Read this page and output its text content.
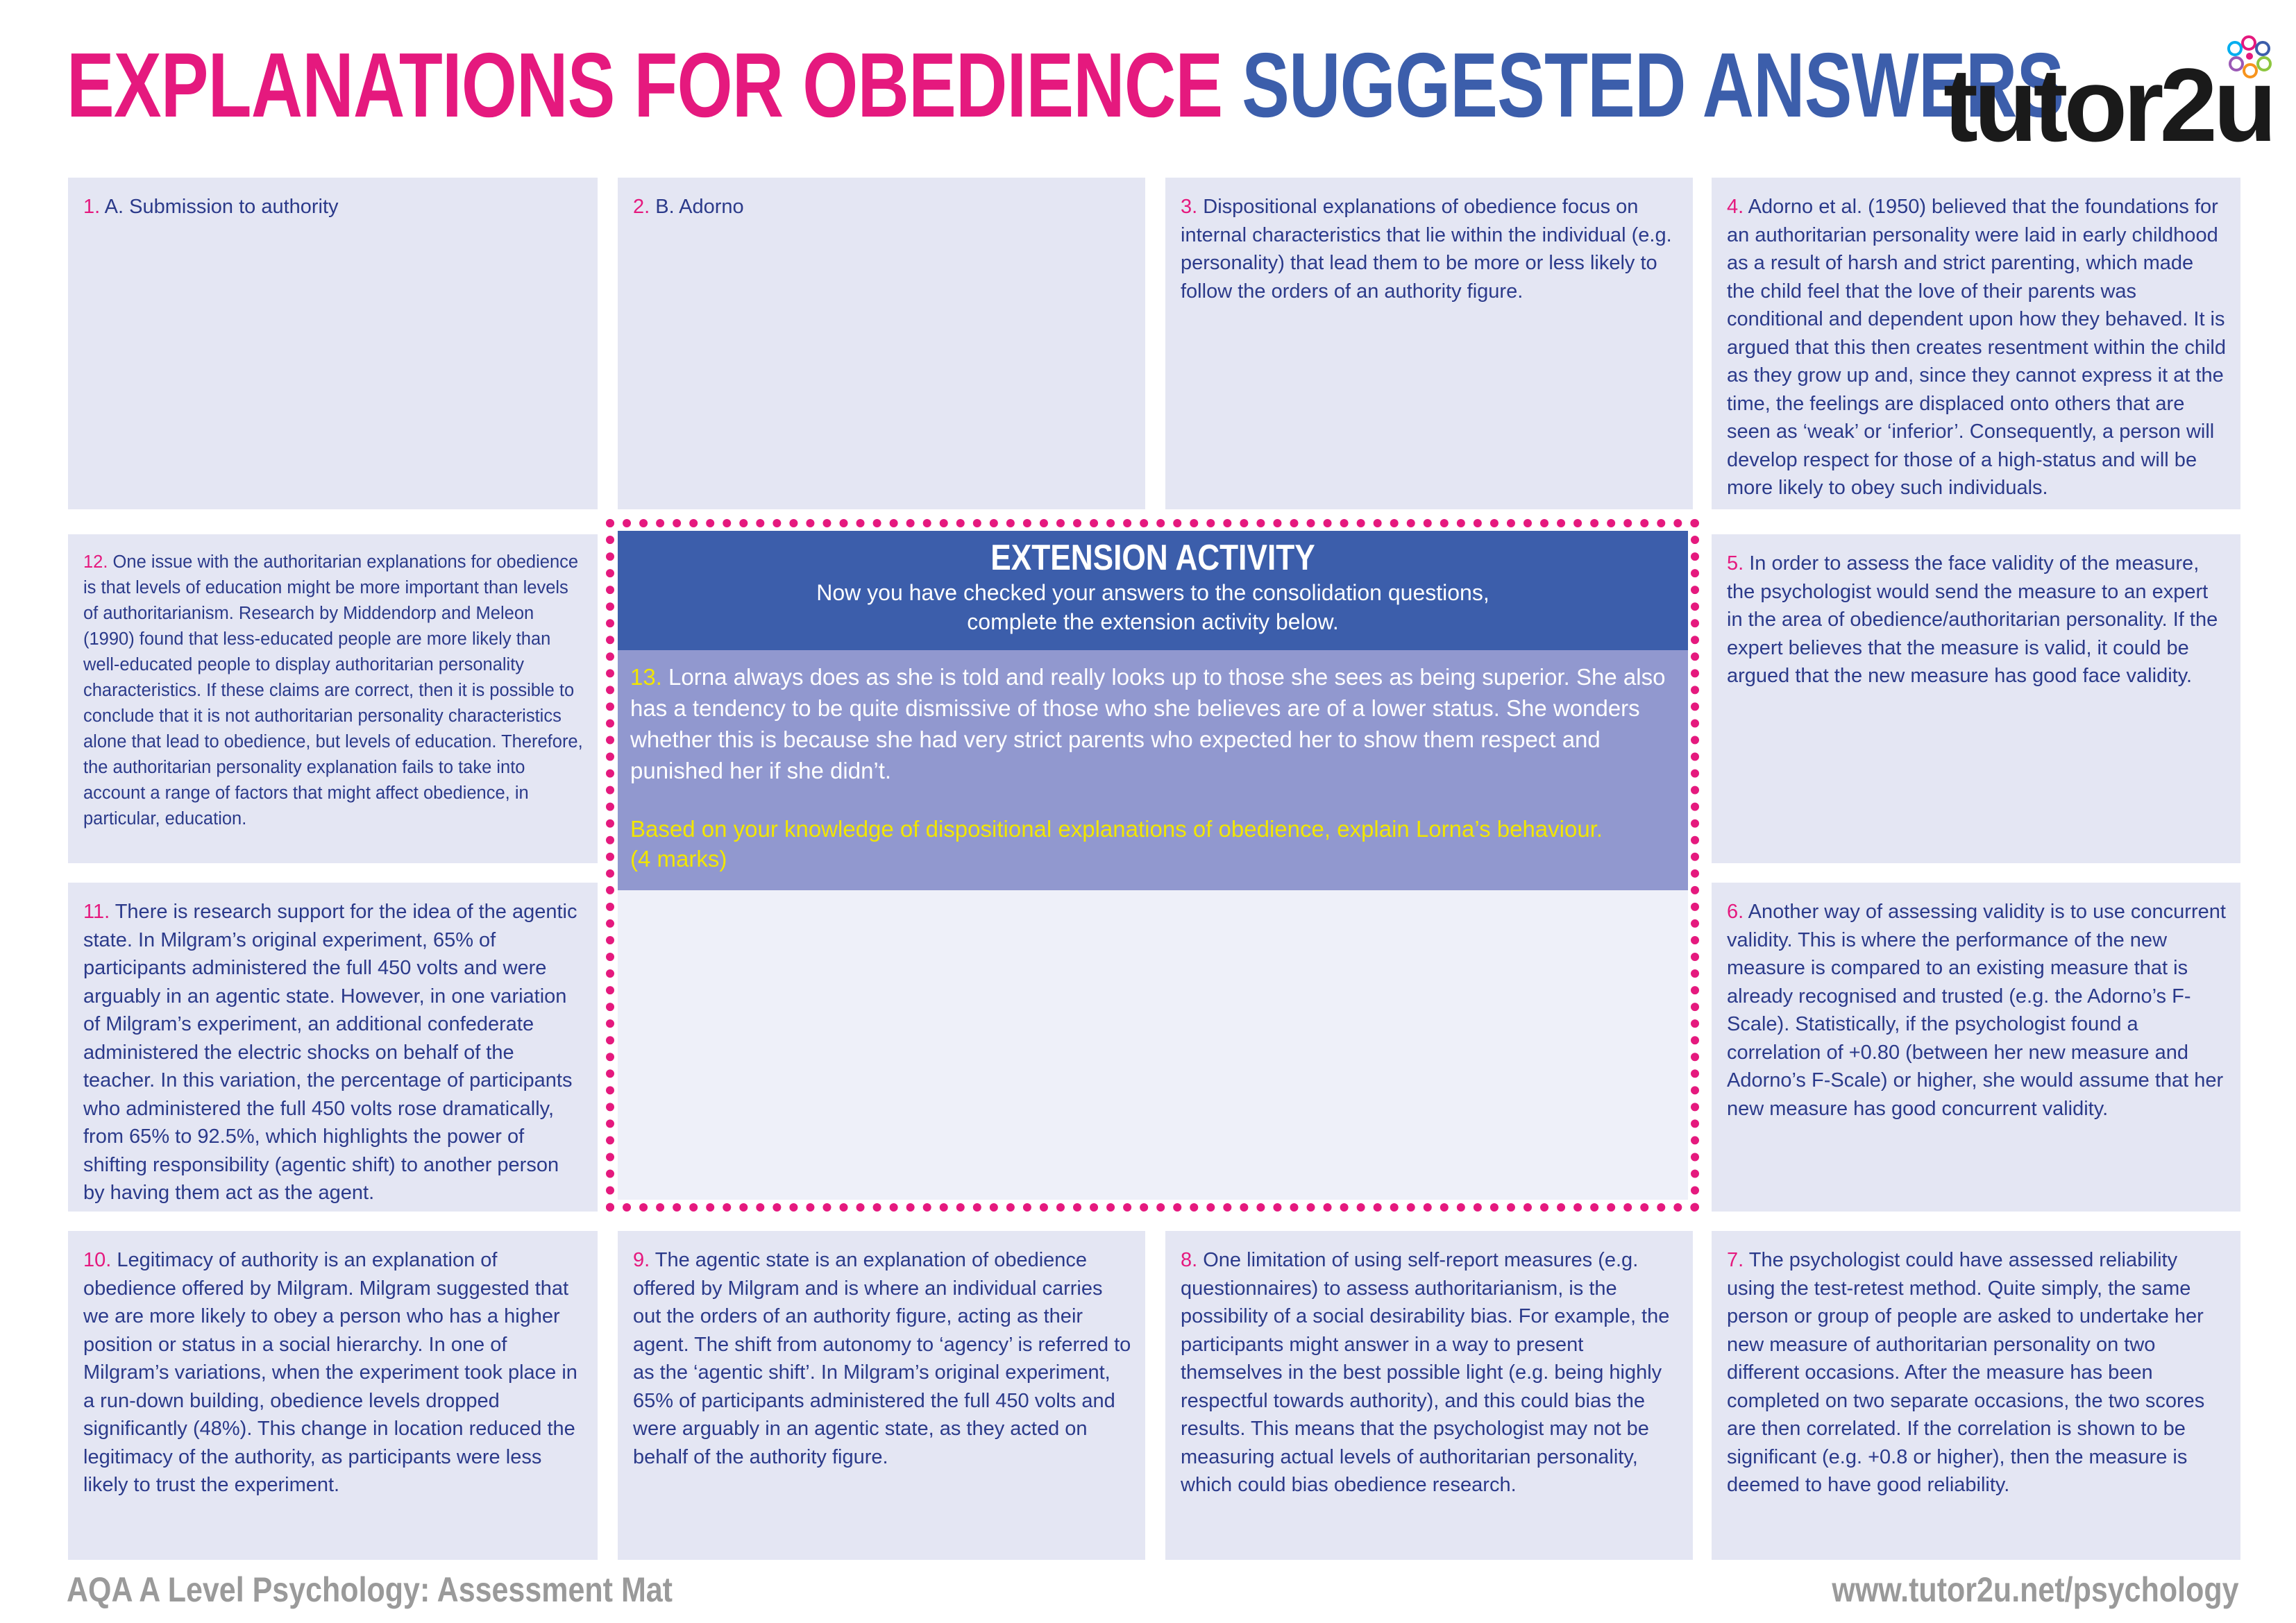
EXPLANATIONS FOR OBEDIENCE SUGGESTED ANSWERS
tutor2u
1. A. Submission to authority	2. B. Adorno	3. Dispositional explanations of obedience focus on internal characteristics that lie within the individual (e.g. personality) that lead them to be more or less likely to follow the orders of an authority figure.
4. Adorno et al. (1950) believed that the foundations for an authoritarian personality were laid in early childhood as a result of harsh and strict parenting, which made the child feel that the love of their parents was conditional and dependent upon how they behaved. It is argued that this then creates resentment within the child as they grow up and, since they cannot express it at the time, the feelings are displaced onto others that are seen as ‘weak’ or ‘inferior’. Consequently, a person will develop respect for those of a high-status and will be more likely to obey such individuals.
12. One issue with the authoritarian explanations for obedience is that levels of education might be more important than levels of authoritarianism. Research by Middendorp and Meleon (1990) found that less-educated people are more likely than well-educated people to display authoritarian personality characteristics. If these claims are correct, then it is possible to conclude that it is not authoritarian personality characteristics alone that lead to obedience, but levels of education. Therefore, the authoritarian personality explanation fails to take into account a range of factors that might affect obedience, in particular, education.
11. There is research support for the idea of the agentic state. In Milgram’s original experiment, 65% of participants administered the full 450 volts and were arguably in an agentic state. However, in one variation of Milgram’s experiment, an additional confederate administered the electric shocks on behalf of the teacher. In this variation, the percentage of participants who administered the full 450 volts rose dramatically, from 65% to 92.5%, which highlights the power of shifting responsibility (agentic shift) to another person by having them act as the agent.
5. In order to assess the face validity of the measure, the psychologist would send the measure to an expert in the area of obedience/authoritarian personality. If the expert believes that the measure is valid, it could be argued that the new measure has good face validity.
6. Another way of assessing validity is to use concurrent validity. This is where the performance of the new measure is compared to an existing measure that is already recognised and trusted (e.g. the Adorno’s F-Scale). Statistically, if the psychologist found a correlation of +0.80 (between her new measure and Adorno’s F-Scale) or higher, she would assume that her new measure has good concurrent validity.
EXTENSION ACTIVITY
Now you have checked your answers to the consolidation questions,
complete the extension activity below.
13. Lorna always does as she is told and really looks up to those she sees as being superior. She also has a tendency to be quite dismissive of those who she believes are of a lower status. She wonders whether this is because she had very strict parents who expected her to show them respect and punished her if she didn’t.
Based on your knowledge of dispositional explanations of obedience, explain Lorna’s behaviour.
(4 marks)
10. Legitimacy of authority is an explanation of obedience offered by Milgram. Milgram suggested that we are more likely to obey a person who has a higher position or status in a social hierarchy. In one of Milgram’s variations, when the experiment took place in a run-down building, obedience levels dropped significantly (48%). This change in location reduced the legitimacy of the authority, as participants were less likely to trust the experiment.
9. The agentic state is an explanation of obedience offered by Milgram and is where an individual carries out the orders of an authority figure, acting as their agent. The shift from autonomy to ‘agency’ is referred to as the ‘agentic shift’. In Milgram’s original experiment, 65% of participants administered the full 450 volts and were arguably in an agentic state, as they acted on behalf of the authority figure.
8. One limitation of using self-report measures (e.g. questionnaires) to assess authoritarianism, is the possibility of a social desirability bias. For example, the participants might answer in a way to present themselves in the best possible light (e.g. being highly respectful towards authority), and this could bias the results. This means that the psychologist may not be measuring actual levels of authoritarian personality, which could bias obedience research.
7. The psychologist could have assessed reliability using the test-retest method. Quite simply, the same person or group of people are asked to undertake her new measure of authoritarian personality on two different occasions. After the measure has been completed on two separate occasions, the two scores are then correlated. If the correlation is shown to be significant (e.g. +0.8 or higher), then the measure is deemed to have good reliability.
AQA A Level Psychology: Assessment Mat	www.tutor2u.net/psychology
